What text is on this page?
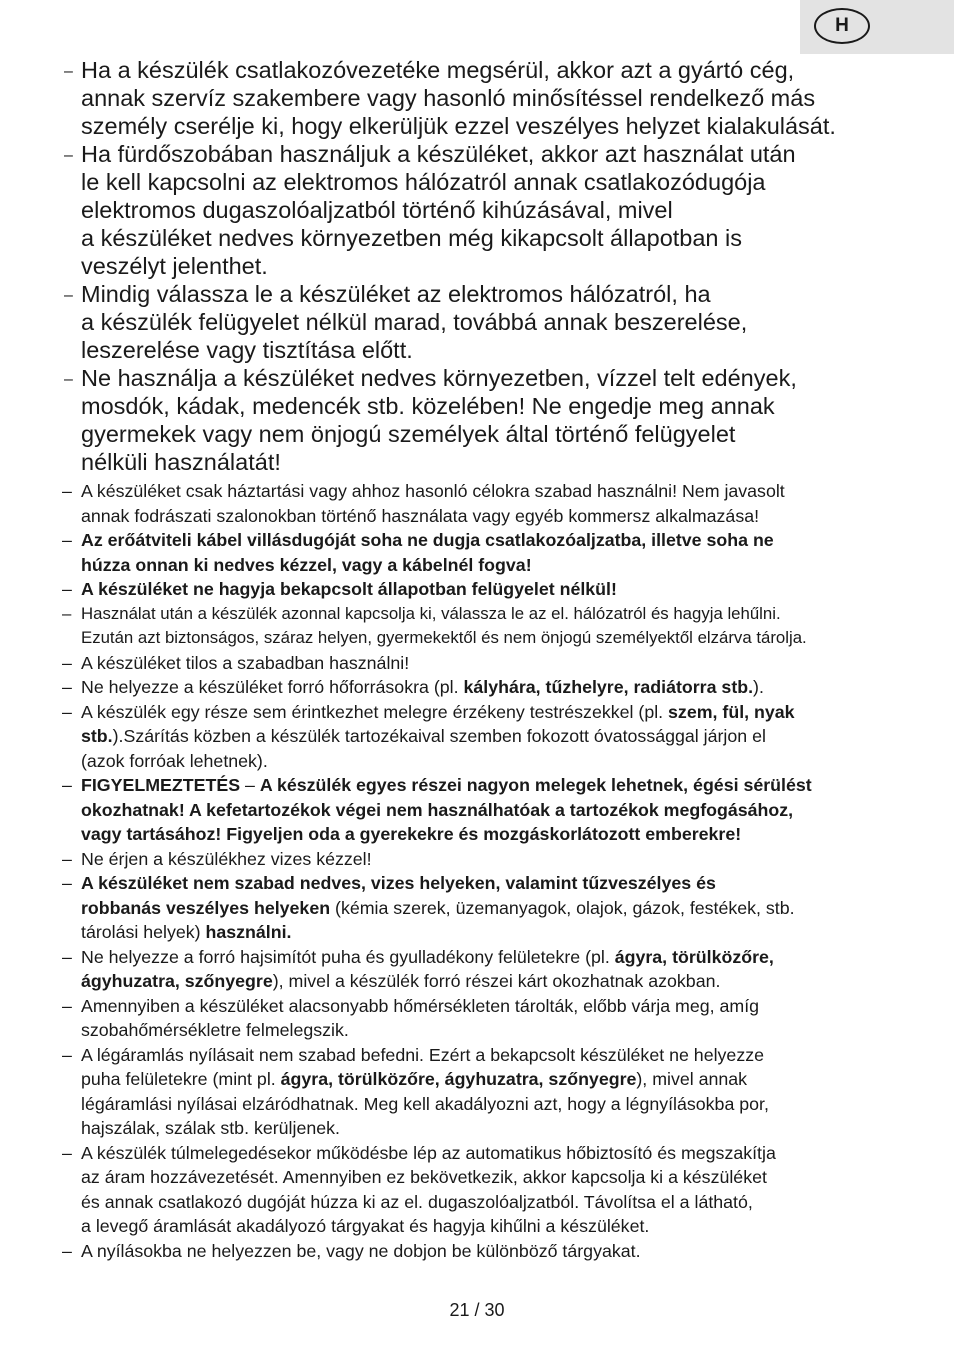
H
– Ha a készülék csatlakozóvezetéke megsérül, akkor azt a gyártó cég,
annak szervíz szakembere vagy hasonló minősítéssel rendelkező más
személy cserélje ki, hogy elkerüljük ezzel veszélyes helyzet kialakulását.
– Ha fürdőszobában használjuk a készüléket, akkor azt használat után
le kell kapcsolni az elektromos hálózatról annak csatlakozódugója
elektromos dugaszolóaljzatból történő kihúzásával, mivel
a készüléket nedves környezetben még kikapcsolt állapotban is
veszélyt jelenthet.
– Mindig válassza le a készüléket az elektromos hálózatról, ha
a készülék felügyelet nélkül marad, továbbá annak beszerelése,
leszerelése vagy tisztítása előtt.
– Ne használja a készüléket nedves környezetben, vízzel telt edények,
mosdók, kádak, medencék stb. közelében! Ne engedje meg annak
gyermekek vagy nem önjogú személyek által történő felügyelet
nélküli használatát!
– A készüléket csak háztartási vagy ahhoz hasonló célokra szabad használni! Nem javasolt
annak fodrászati szalonokban történő használata vagy egyéb kommersz alkalmazása!
– Az erőátviteli kábel villásdugóját soha ne dugja csatlakozóaljzatba, illetve soha ne
húzza onnan ki nedves kézzel, vagy a kábelnél fogva!
– A készüléket ne hagyja bekapcsolt állapotban felügyelet nélkül!
– Használat után a készülék azonnal kapcsolja ki, válassza le az el. hálózatról és hagyja lehűlni.
Ezután azt biztonságos, száraz helyen, gyermekektől és nem önjogú személyektől elzárva tárolja.
– A készüléket tilos a szabadban használni!
– Ne helyezze a készüléket forró hőforrásokra (pl. kályhára, tűzhelyre, radiátorra stb.).
– A készülék egy része sem érintkezhet melegre érzékeny testrészekkel (pl. szem, fül, nyak
stb.).Szárítás közben a készülék tartozékaival szemben fokozott óvatossággal járjon el
(azok forróak lehetnek).
– FIGYELMEZTETÉS – A készülék egyes részei nagyon melegek lehetnek, égési sérülést
okozhatnak! A kefetartozékok végei nem használhatóak a tartozékok megfogásához,
vagy tartásához! Figyeljen oda a gyerekekre és mozgáskorlátozott emberekre!
– Ne érjen a készülékhez vizes kézzel!
– A készüléket nem szabad nedves, vizes helyeken, valamint tűzveszélyes és
robbanás veszélyes helyeken (kémia szerek, üzemanyagok, olajok, gázok, festékek, stb.
tárolási helyek) használni.
– Ne helyezze a forró hajsimítót puha és gyulladékony felületekre (pl. ágyra, törülközőre,
ágyhuzatra, szőnyegre), mivel a készülék forró részei kárt okozhatnak azokban.
– Amennyiben a készüléket alacsonyabb hőmérsékleten tárolták, előbb várja meg, amíg
szobahőmérsékletre felmelegszik.
– A légáramlás nyílásait nem szabad befedni. Ezért a bekapcsolt készüléket ne helyezze
puha felületekre (mint pl. ágyra, törülközőre, ágyhuzatra, szőnyegre), mivel annak
légáramlási nyílásai elzáródhatnak. Meg kell akadályozni azt, hogy a légnyílásokba por,
hajszálak, szálak stb. kerüljenek.
– A készülék túlmelegedésekor működésbe lép az automatikus hőbiztosító és megszakítja
az áram hozzávezetését. Amennyiben ez bekövetkezik, akkor kapcsolja ki a készüléket
és annak csatlakozó dugóját húzza ki az el. dugaszolóaljzatból. Távolítsa el a látható,
a levegő áramlását akadályozó tárgyakat és hagyja kihűlni a készüléket.
– A nyílásokba ne helyezzen be, vagy ne dobjon be különböző tárgyakat.
21 / 30
